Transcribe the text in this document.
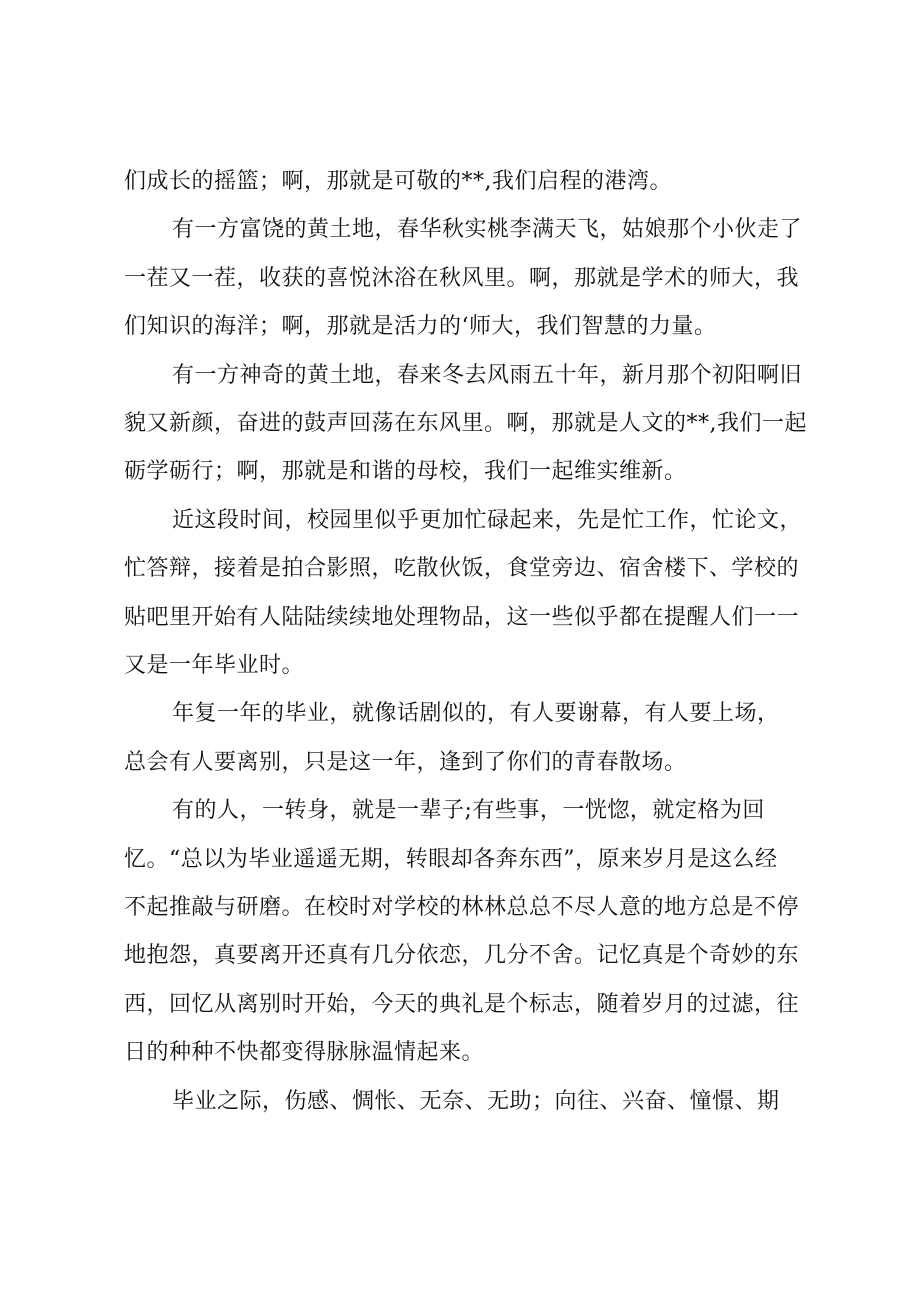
们成长的摇篮；啊，那就是可敬的**,我们启程的港湾。
有一方富饶的黄土地，春华秋实桃李满天飞，姑娘那个小伙走了
一茬又一茬，收获的喜悦沐浴在秋风里。啊，那就是学术的师大，我
们知识的海洋；啊，那就是活力的‘师大，我们智慧的力量。
有一方神奇的黄土地，春来冬去风雨五十年，新月那个初阳啊旧
貌又新颜，奋进的鼓声回荡在东风里。啊，那就是人文的**,我们一起
砺学砺行；啊，那就是和谐的母校，我们一起维实维新。
近这段时间，校园里似乎更加忙碌起来，先是忙工作，忙论文，
忙答辩，接着是拍合影照，吃散伙饭，食堂旁边、宿舍楼下、学校的
贴吧里开始有人陆陆续续地处理物品，这一些似乎都在提醒人们一一
又是一年毕业时。
年复一年的毕业，就像话剧似的，有人要谢幕，有人要上场，
总会有人要离别，只是这一年，逢到了你们的青春散场。
有的人，一转身，就是一辈子;有些事，一恍惚，就定格为回
忆。“总以为毕业遥遥无期，转眼却各奔东西”，原来岁月是这么经
不起推敲与研磨。在校时对学校的林林总总不尽人意的地方总是不停
地抱怨，真要离开还真有几分依恋，几分不舍。记忆真是个奇妙的东
西，回忆从离别时开始，今天的典礼是个标志，随着岁月的过滤，往
日的种种不快都变得脉脉温情起来。
毕业之际，伤感、惆怅、无奈、无助；向往、兴奋、憧憬、期
